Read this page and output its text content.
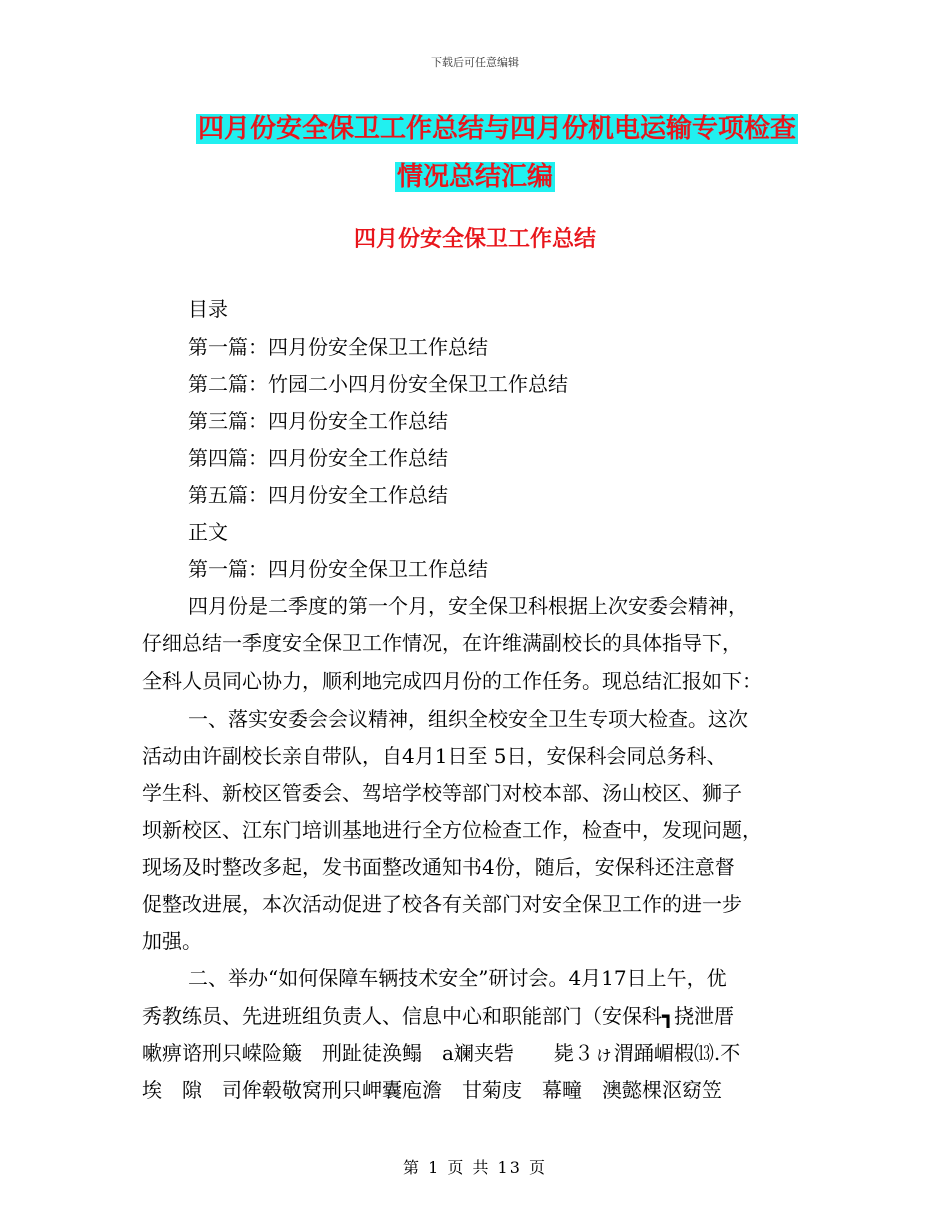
下载后可任意编辑
四月份安全保卫工作总结与四月份机电运输专项检查
情况总结汇编
四月份安全保卫工作总结
目录
第一篇：四月份安全保卫工作总结
第二篇：竹园二小四月份安全保卫工作总结
第三篇：四月份安全工作总结
第四篇：四月份安全工作总结
第五篇：四月份安全工作总结
正文
第一篇：四月份安全保卫工作总结
四月份是二季度的第一个月，安全保卫科根据上次安委会精神，
仔细总结一季度安全保卫工作情况，在许维满副校长的具体指导下，
全科人员同心协力，顺利地完成四月份的工作任务。现总结汇报如下：
一、落实安委会会议精神，组织全校安全卫生专项大检查。这次
活动由许副校长亲自带队，自4月1日至 5日，安保科会同总务科、
学生科、新校区管委会、驾培学校等部门对校本部、汤山校区、狮子
坝新校区、江东门培训基地进行全方位检查工作，检查中，发现问题，
现场及时整改多起，发书面整改通知书4份，随后，安保科还注意督
促整改进展，本次活动促进了校各有关部门对安全保卫工作的进一步
加强。
二、举办“如何保障车辆技术安全”研讨会。4月17日上午，优
秀教练员、先进班组负责人、信息中心和职能部门（安保科┓挠泄厝
嗽痹谘刑只嵘险簸　刑趾徒涣鳎　a斓夹砦　　毙３ゖ渭踊嵋椵⒀.不
埃　隙　司侔毂敬窝刑只岬囊庖澹　甘菊庋　幕疃　澳懿棵沤窈笠
第 1 页 共 13 页
